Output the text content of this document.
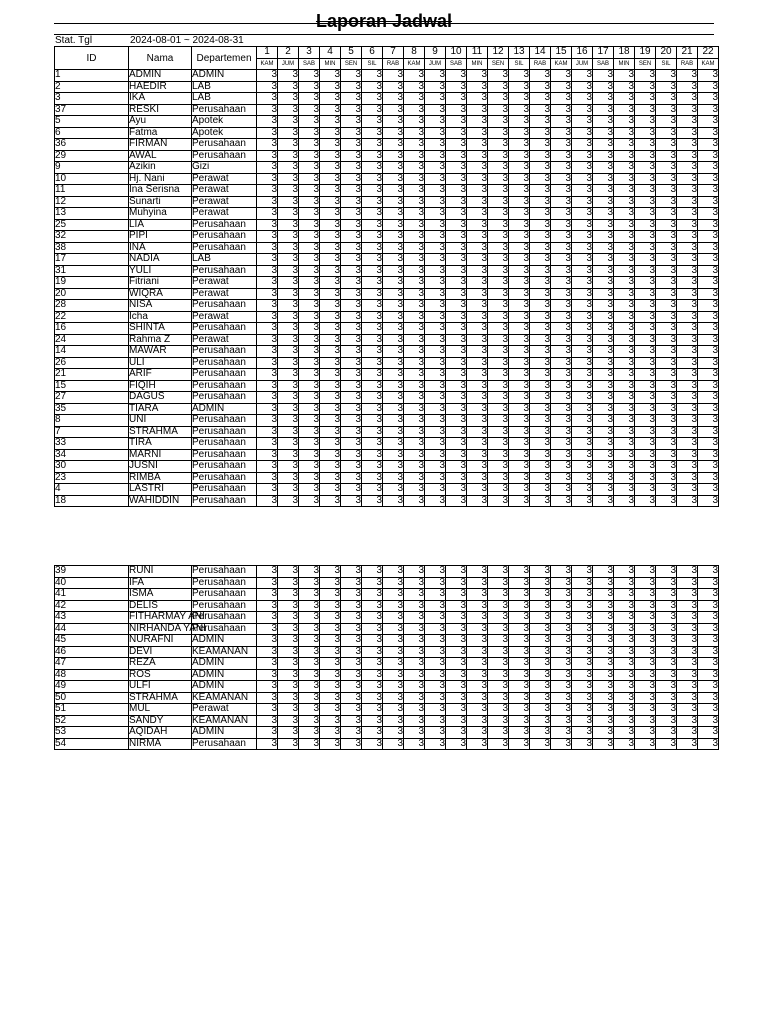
Laporan Jadwal
Stat. Tgl	2024-08-01 ~ 2024-08-31
ID	Nama	Departemen	1	2	3	4	5	6	7	8	9	10	11	12	13	14	15	16	17	18	19	20	21	22
			KAM	JUM	SAB	MIN	SEN	SIL	RAB	KAM	JUM	SAB	MIN	SEN	SIL	RAB	KAM	JUM	SAB	MIN	SEN	SIL	RAB	KAM
1	ADMIN	ADMIN	3	3	3	3	3	3	3	3	3	3	3	3	3	3	3	3	3	3	3	3	3	3
2	HAEDIR	LAB	3	3	3	3	3	3	3	3	3	3	3	3	3	3	3	3	3	3	3	3	3	3
3	IKA	LAB	3	3	3	3	3	3	3	3	3	3	3	3	3	3	3	3	3	3	3	3	3	3
37	RESKI	Perusahaan	3	3	3	3	3	3	3	3	3	3	3	3	3	3	3	3	3	3	3	3	3	3
5	Ayu	Apotek	3	3	3	3	3	3	3	3	3	3	3	3	3	3	3	3	3	3	3	3	3	3
6	Fatma	Apotek	3	3	3	3	3	3	3	3	3	3	3	3	3	3	3	3	3	3	3	3	3	3
36	FIRMAN	Perusahaan	3	3	3	3	3	3	3	3	3	3	3	3	3	3	3	3	3	3	3	3	3	3
29	AWAL	Perusahaan	3	3	3	3	3	3	3	3	3	3	3	3	3	3	3	3	3	3	3	3	3	3
9	Azikin	Gizi	3	3	3	3	3	3	3	3	3	3	3	3	3	3	3	3	3	3	3	3	3	3
10	Hj. Nani	Perawat	3	3	3	3	3	3	3	3	3	3	3	3	3	3	3	3	3	3	3	3	3	3
11	Ina Serisna	Perawat	3	3	3	3	3	3	3	3	3	3	3	3	3	3	3	3	3	3	3	3	3	3
12	Sunarti	Perawat	3	3	3	3	3	3	3	3	3	3	3	3	3	3	3	3	3	3	3	3	3	3
13	Muhyina	Perawat	3	3	3	3	3	3	3	3	3	3	3	3	3	3	3	3	3	3	3	3	3	3
25	LIA	Perusahaan	3	3	3	3	3	3	3	3	3	3	3	3	3	3	3	3	3	3	3	3	3	3
32	PIPI	Perusahaan	3	3	3	3	3	3	3	3	3	3	3	3	3	3	3	3	3	3	3	3	3	3
38	INA	Perusahaan	3	3	3	3	3	3	3	3	3	3	3	3	3	3	3	3	3	3	3	3	3	3
17	NADIA	LAB	3	3	3	3	3	3	3	3	3	3	3	3	3	3	3	3	3	3	3	3	3	3
31	YULI	Perusahaan	3	3	3	3	3	3	3	3	3	3	3	3	3	3	3	3	3	3	3	3	3	3
19	Fitriani	Perawat	3	3	3	3	3	3	3	3	3	3	3	3	3	3	3	3	3	3	3	3	3	3
20	WIQRA	Perawat	3	3	3	3	3	3	3	3	3	3	3	3	3	3	3	3	3	3	3	3	3	3
28	NISA	Perusahaan	3	3	3	3	3	3	3	3	3	3	3	3	3	3	3	3	3	3	3	3	3	3
22	Icha	Perawat	3	3	3	3	3	3	3	3	3	3	3	3	3	3	3	3	3	3	3	3	3	3
16	SHINTA	Perusahaan	3	3	3	3	3	3	3	3	3	3	3	3	3	3	3	3	3	3	3	3	3	3
24	Rahma Z	Perawat	3	3	3	3	3	3	3	3	3	3	3	3	3	3	3	3	3	3	3	3	3	3
14	MAWAR	Perusahaan	3	3	3	3	3	3	3	3	3	3	3	3	3	3	3	3	3	3	3	3	3	3
26	ULI	Perusahaan	3	3	3	3	3	3	3	3	3	3	3	3	3	3	3	3	3	3	3	3	3	3
21	ARIF	Perusahaan	3	3	3	3	3	3	3	3	3	3	3	3	3	3	3	3	3	3	3	3	3	3
15	FIQIH	Perusahaan	3	3	3	3	3	3	3	3	3	3	3	3	3	3	3	3	3	3	3	3	3	3
27	DAGUS	Perusahaan	3	3	3	3	3	3	3	3	3	3	3	3	3	3	3	3	3	3	3	3	3	3
35	TIARA	ADMIN	3	3	3	3	3	3	3	3	3	3	3	3	3	3	3	3	3	3	3	3	3	3
8	UNI	Perusahaan	3	3	3	3	3	3	3	3	3	3	3	3	3	3	3	3	3	3	3	3	3	3
7	STRAHMA	Perusahaan	3	3	3	3	3	3	3	3	3	3	3	3	3	3	3	3	3	3	3	3	3	3
33	TIRA	Perusahaan	3	3	3	3	3	3	3	3	3	3	3	3	3	3	3	3	3	3	3	3	3	3
34	MARNI	Perusahaan	3	3	3	3	3	3	3	3	3	3	3	3	3	3	3	3	3	3	3	3	3	3
30	JUSNI	Perusahaan	3	3	3	3	3	3	3	3	3	3	3	3	3	3	3	3	3	3	3	3	3	3
23	RIMBA	Perusahaan	3	3	3	3	3	3	3	3	3	3	3	3	3	3	3	3	3	3	3	3	3	3
4	LASTRI	Perusahaan	3	3	3	3	3	3	3	3	3	3	3	3	3	3	3	3	3	3	3	3	3	3
18	WAHIDDIN	Perusahaan	3	3	3	3	3	3	3	3	3	3	3	3	3	3	3	3	3	3	3	3	3	3
39	RUNI	Perusahaan	3	3	3	3	3	3	3	3	3	3	3	3	3	3	3	3	3	3	3	3	3	3
40	IFA	Perusahaan	3	3	3	3	3	3	3	3	3	3	3	3	3	3	3	3	3	3	3	3	3	3
41	ISMA	Perusahaan	3	3	3	3	3	3	3	3	3	3	3	3	3	3	3	3	3	3	3	3	3	3
42	DELIS	Perusahaan	3	3	3	3	3	3	3	3	3	3	3	3	3	3	3	3	3	3	3	3	3	3
43	FITHARMAY ANI	Perusahaan	3	3	3	3	3	3	3	3	3	3	3	3	3	3	3	3	3	3	3	3	3	3
44	NIRHANDA YANI	Perusahaan	3	3	3	3	3	3	3	3	3	3	3	3	3	3	3	3	3	3	3	3	3	3
45	NURAFNI	ADMIN	3	3	3	3	3	3	3	3	3	3	3	3	3	3	3	3	3	3	3	3	3	3
46	DEVI	KEAMANAN	3	3	3	3	3	3	3	3	3	3	3	3	3	3	3	3	3	3	3	3	3	3
47	REZA	ADMIN	3	3	3	3	3	3	3	3	3	3	3	3	3	3	3	3	3	3	3	3	3	3
48	ROS	ADMIN	3	3	3	3	3	3	3	3	3	3	3	3	3	3	3	3	3	3	3	3	3	3
49	ULFI	ADMIN	3	3	3	3	3	3	3	3	3	3	3	3	3	3	3	3	3	3	3	3	3	3
50	STRAHMA	KEAMANAN	3	3	3	3	3	3	3	3	3	3	3	3	3	3	3	3	3	3	3	3	3	3
51	MUL	Perawat	3	3	3	3	3	3	3	3	3	3	3	3	3	3	3	3	3	3	3	3	3	3
52	SANDY	KEAMANAN	3	3	3	3	3	3	3	3	3	3	3	3	3	3	3	3	3	3	3	3	3	3
53	AQIDAH	ADMIN	3	3	3	3	3	3	3	3	3	3	3	3	3	3	3	3	3	3	3	3	3	3
54	NIRMA	Perusahaan	3	3	3	3	3	3	3	3	3	3	3	3	3	3	3	3	3	3	3	3	3	3
